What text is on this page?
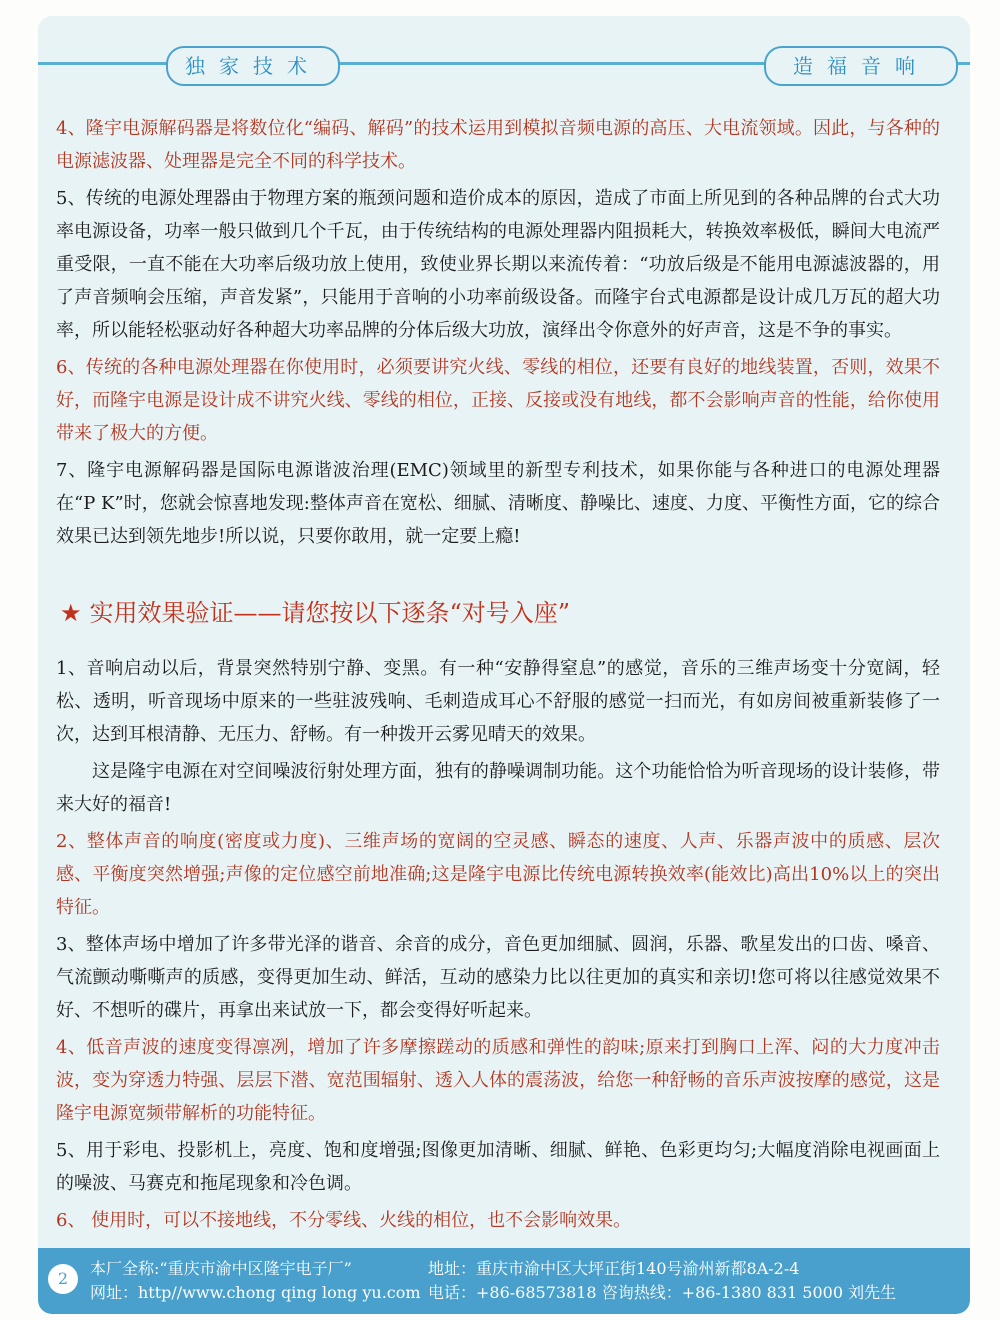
独家技术	造福音响

4、隆宇电源解码器是将数位化“编码、解码”的技术运用到模拟音频电源的高压、大电流领域。因此，与各种的电源滤波器、处理器是完全不同的科学技术。

5、传统的电源处理器由于物理方案的瓶颈问题和造价成本的原因，造成了市面上所见到的各种品牌的台式大功率电源设备，功率一般只做到几个千瓦，由于传统结构的电源处理器内阻损耗大，转换效率极低，瞬间大电流严重受限，一直不能在大功率后级功放上使用，致使业界长期以来流传着：“功放后级是不能用电源滤波器的，用了声音频响会压缩，声音发紧”，只能用于音响的小功率前级设备。而隆宇台式电源都是设计成几万瓦的超大功率，所以能轻松驱动好各种超大功率品牌的分体后级大功放，演绎出令你意外的好声音，这是不争的事实。

6、传统的各种电源处理器在你使用时，必须要讲究火线、零线的相位，还要有良好的地线装置，否则，效果不好，而隆宇电源是设计成不讲究火线、零线的相位，正接、反接或没有地线，都不会影响声音的性能，给你使用带来了极大的方便。

7、隆宇电源解码器是国际电源谐波治理(EMC)领域里的新型专利技术，如果你能与各种进口的电源处理器在“P K”时，您就会惊喜地发现:整体声音在宽松、细腻、清晰度、静噪比、速度、力度、平衡性方面，它的综合效果已达到领先地步!所以说，只要你敢用，就一定要上瘾!

★ 实用效果验证——请您按以下逐条“对号入座”

1、音响启动以后，背景突然特别宁静、变黑。有一种“安静得窒息”的感觉，音乐的三维声场变十分宽阔，轻松、透明，听音现场中原来的一些驻波残响、毛刺造成耳心不舒服的感觉一扫而光，有如房间被重新装修了一次，达到耳根清静、无压力、舒畅。有一种拨开云雾见晴天的效果。

这是隆宇电源在对空间噪波衍射处理方面，独有的静噪调制功能。这个功能恰恰为听音现场的设计装修，带来大好的福音!

2、整体声音的响度(密度或力度)、三维声场的宽阔的空灵感、瞬态的速度、人声、乐器声波中的质感、层次感、平衡度突然增强;声像的定位感空前地准确;这是隆宇电源比传统电源转换效率(能效比)高出10%以上的突出特征。

3、整体声场中增加了许多带光泽的谐音、余音的成分，音色更加细腻、圆润，乐器、歌星发出的口齿、嗓音、气流颤动嘶嘶声的质感，变得更加生动、鲜活，互动的感染力比以往更加的真实和亲切!您可将以往感觉效果不好、不想听的碟片，再拿出来试放一下，都会变得好听起来。

4、低音声波的速度变得凛冽，增加了许多摩擦蹉动的质感和弹性的韵味;原来打到胸口上浑、闷的大力度冲击波，变为穿透力特强、层层下潜、宽范围辐射、透入人体的震荡波，给您一种舒畅的音乐声波按摩的感觉，这是隆宇电源宽频带解析的功能特征。

5、用于彩电、投影机上，亮度、饱和度增强;图像更加清晰、细腻、鲜艳、色彩更均匀;大幅度消除电视画面上的噪波、马赛克和拖尾现象和冷色调。

6、 使用时，可以不接地线，不分零线、火线的相位，也不会影响效果。

2
本厂全称:“重庆市渝中区隆宇电子厂”
网址：http//www.chong qing long yu.com
地址：重庆市渝中区大坪正街140号渝州新都8A-2-4
电话：+86-68573818 咨询热线：+86-1380 831 5000 刘先生
